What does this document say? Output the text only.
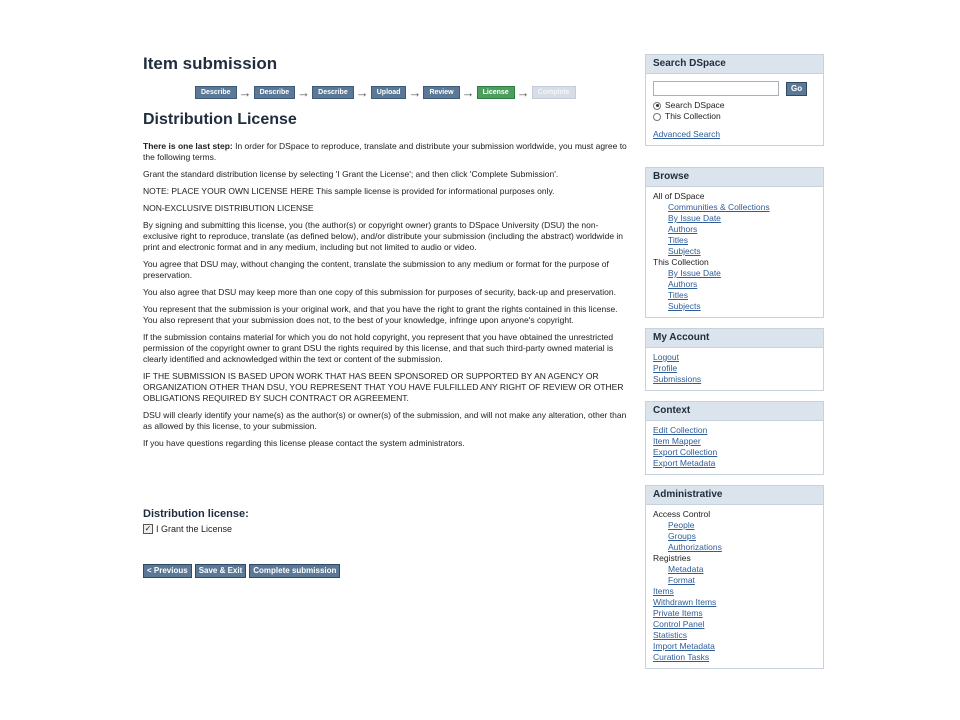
Item submission
Describe →	Describe →	Describe →	Upload →	Review →	License →	Complete
Distribution License

There is one last step: In order for DSpace to reproduce, translate and distribute your submission worldwide, you must agree to the following terms.

Grant the standard distribution license by selecting 'I Grant the License'; and then click 'Complete Submission'.

NOTE: PLACE YOUR OWN LICENSE HERE This sample license is provided for informational purposes only.

NON-EXCLUSIVE DISTRIBUTION LICENSE

By signing and submitting this license, you (the author(s) or copyright owner) grants to DSpace University (DSU) the non-exclusive right to reproduce, translate (as defined below), and/or distribute your submission (including the abstract) worldwide in print and electronic format and in any medium, including but not limited to audio or video.

You agree that DSU may, without changing the content, translate the submission to any medium or format for the purpose of preservation.

You also agree that DSU may keep more than one copy of this submission for purposes of security, back-up and preservation.

You represent that the submission is your original work, and that you have the right to grant the rights contained in this license. You also represent that your submission does not, to the best of your knowledge, infringe upon anyone's copyright.

If the submission contains material for which you do not hold copyright, you represent that you have obtained the unrestricted permission of the copyright owner to grant DSU the rights required by this license, and that such third-party owned material is clearly identified and acknowledged within the text or content of the submission.

IF THE SUBMISSION IS BASED UPON WORK THAT HAS BEEN SPONSORED OR SUPPORTED BY AN AGENCY OR ORGANIZATION OTHER THAN DSU, YOU REPRESENT THAT YOU HAVE FULFILLED ANY RIGHT OF REVIEW OR OTHER OBLIGATIONS REQUIRED BY SUCH CONTRACT OR AGREEMENT.

DSU will clearly identify your name(s) as the author(s) or owner(s) of the submission, and will not make any alteration, other than as allowed by this license, to your submission.

If you have questions regarding this license please contact the system administrators.

Distribution license:
✓ I Grant the License
< Previous	Save & Exit	Complete submission
Search DSpace
Go
Search DSpace
This Collection
Advanced Search
Browse
All of DSpace
Communities & Collections
By Issue Date
Authors
Titles
Subjects
This Collection
By Issue Date
Authors
Titles
Subjects
My Account
Logout
Profile
Submissions
Context
Edit Collection
Item Mapper
Export Collection
Export Metadata
Administrative
Access Control
People
Groups
Authorizations
Registries
Metadata
Format
Items
Withdrawn Items
Private Items
Control Panel
Statistics
Import Metadata
Curation Tasks
